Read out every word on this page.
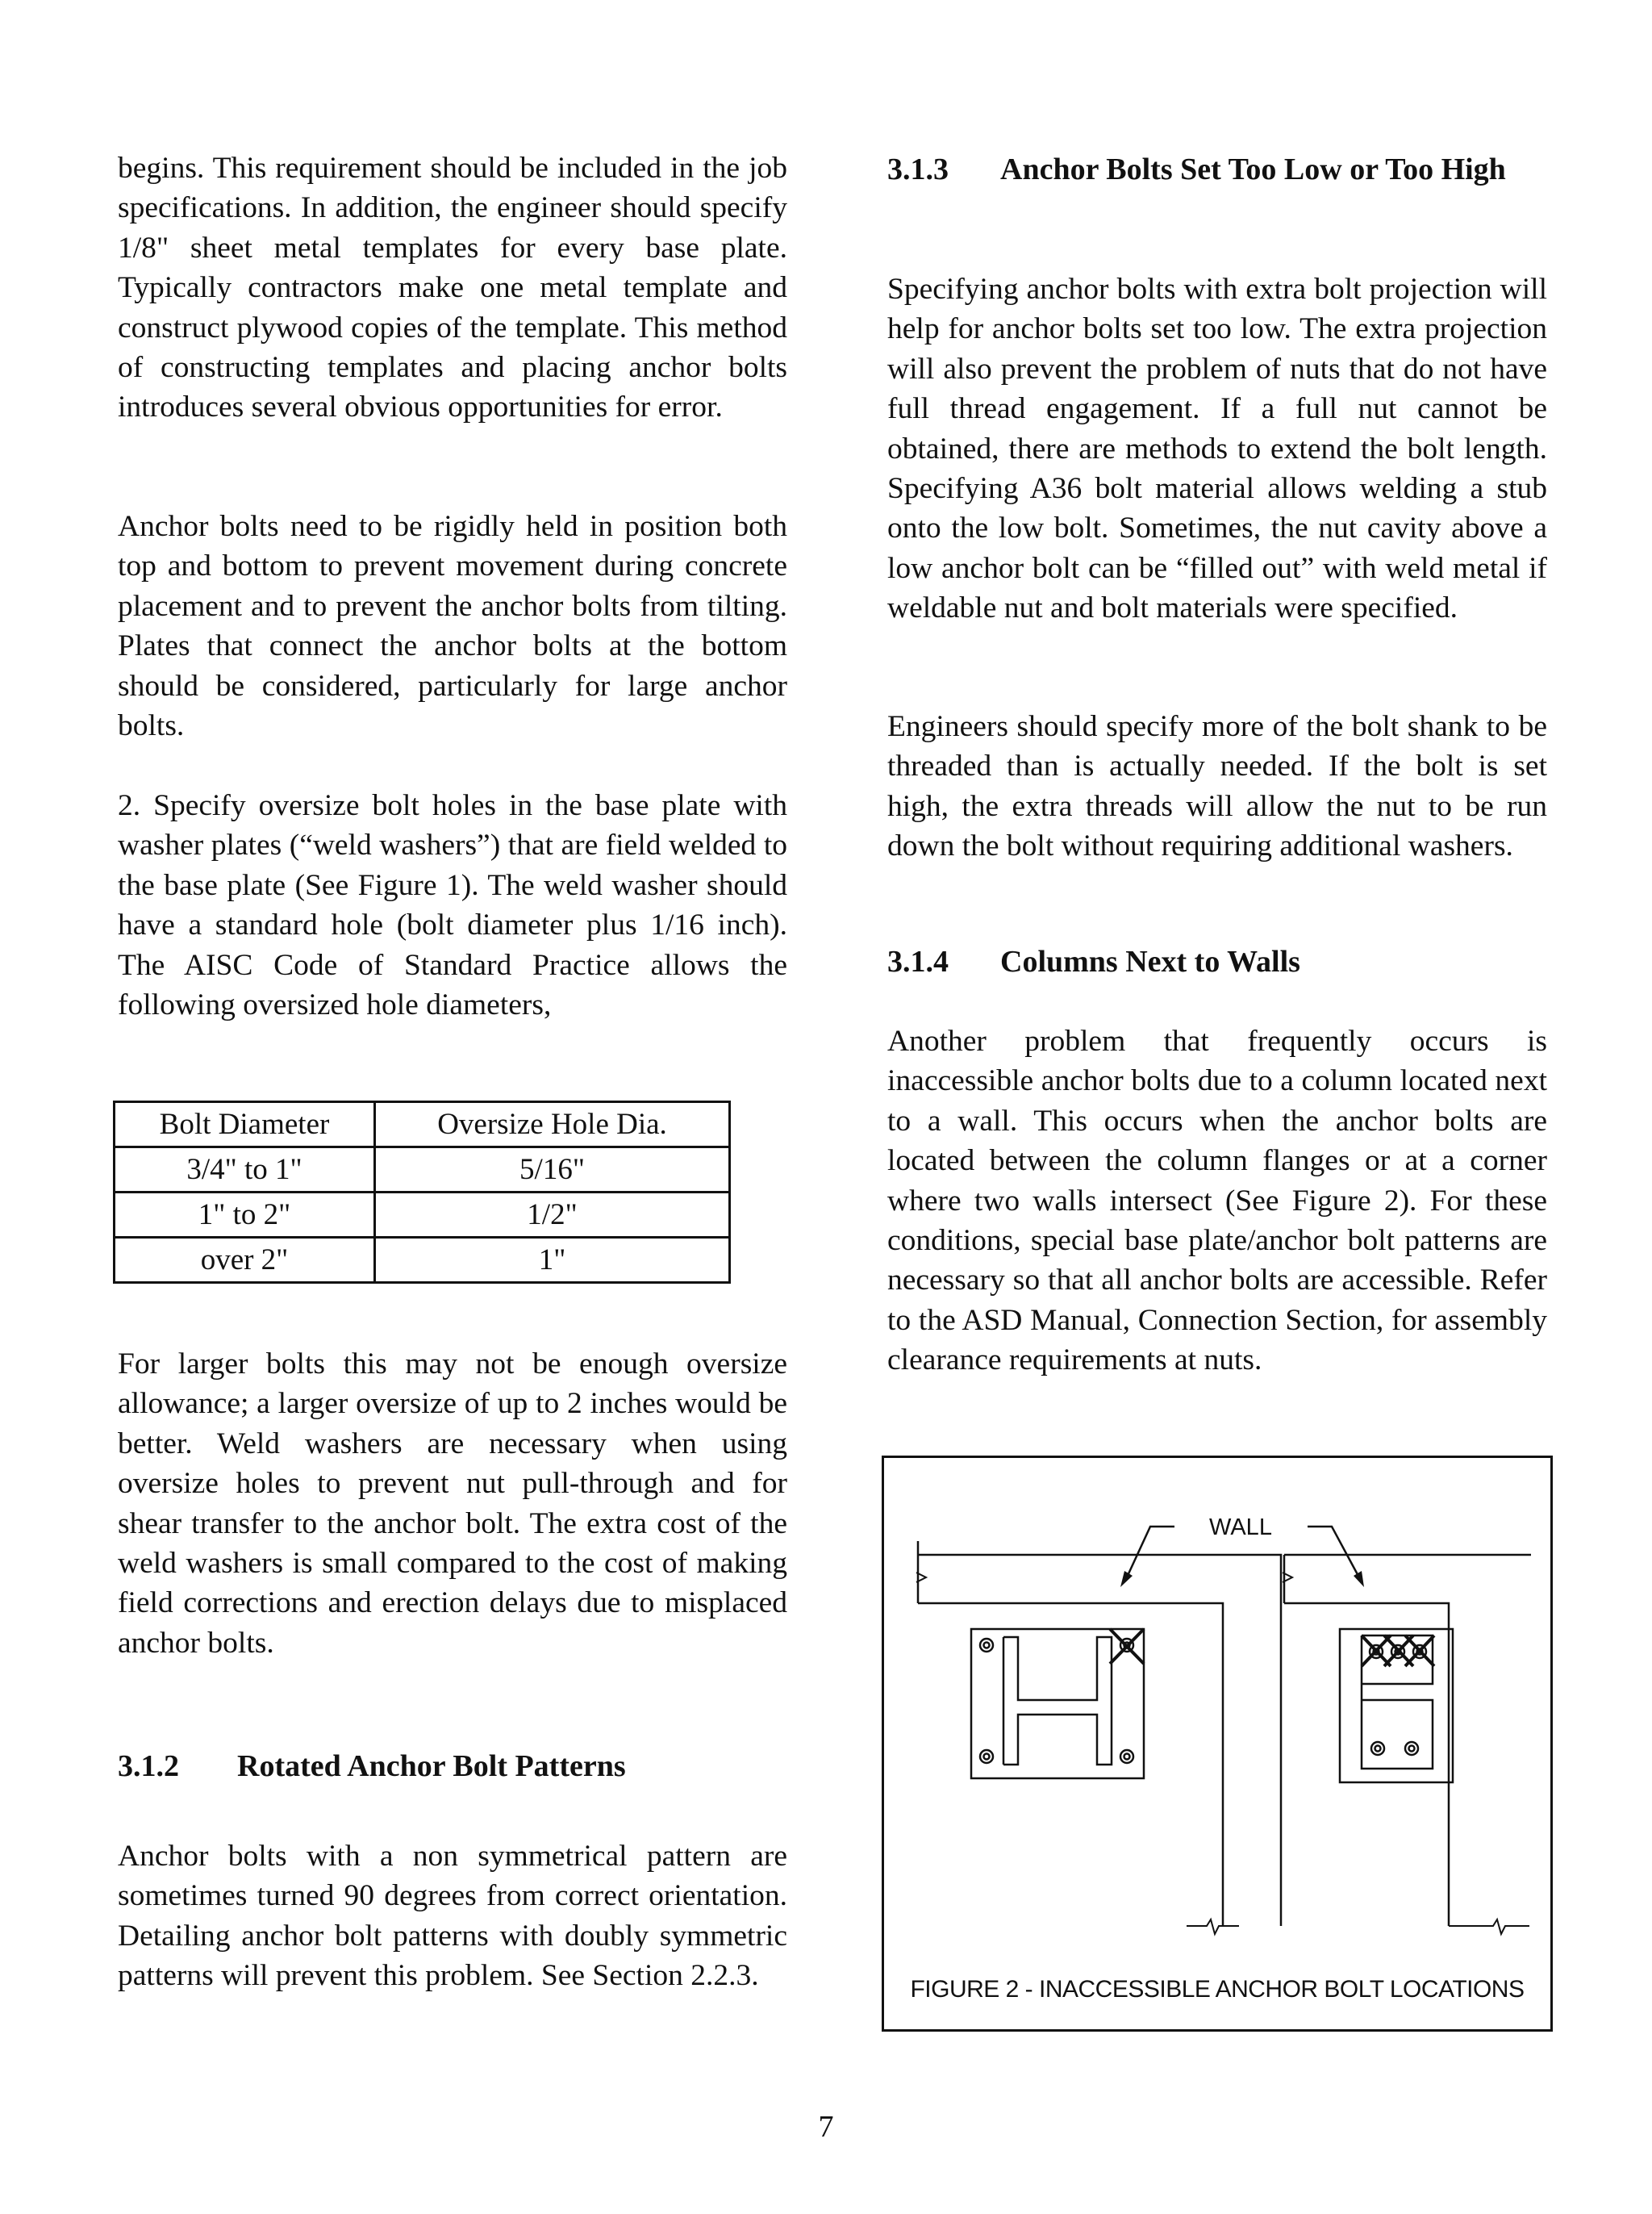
begins. This requirement should be included in the job specifications. In addition, the engineer should specify 1/8" sheet metal templates for every base plate. Typically contractors make one metal template and construct plywood copies of the template. This method of constructing templates and placing anchor bolts introduces several obvious opportunities for error.

Anchor bolts need to be rigidly held in position both top and bottom to prevent movement during concrete placement and to prevent the anchor bolts from tilting. Plates that connect the anchor bolts at the bottom should be considered, particularly for large anchor bolts.

2. Specify oversize bolt holes in the base plate with washer plates (“weld washers”) that are field welded to the base plate (See Figure 1). The weld washer should have a standard hole (bolt diameter plus 1/16 inch). The AISC Code of Standard Practice allows the following oversized hole diameters,

For larger bolts this may not be enough oversize allowance; a larger oversize of up to 2 inches would be better. Weld washers are necessary when using oversize holes to prevent nut pull-through and for shear transfer to the anchor bolt. The extra cost of the weld washers is small compared to the cost of making field corrections and erection delays due to misplaced anchor bolts.

3.1.2 Rotated Anchor Bolt Patterns

Anchor bolts with a non symmetrical pattern are sometimes turned 90 degrees from correct orientation. Detailing anchor bolt patterns with doubly symmetric patterns will prevent this problem. See Section 2.2.3.

Bolt Diameter	Oversize Hole Dia.
3/4" to 1"	5/16"
1" to 2"	1/2"
over 2"	1"
3.1.3 Anchor Bolts Set Too Low or Too High

Specifying anchor bolts with extra bolt projection will help for anchor bolts set too low. The extra projection will also prevent the problem of nuts that do not have full thread engagement. If a full nut cannot be obtained, there are methods to extend the bolt length. Specifying A36 bolt material allows welding a stub onto the low bolt. Sometimes, the nut cavity above a low anchor bolt can be “filled out” with weld metal if weldable nut and bolt materials were specified.

Engineers should specify more of the bolt shank to be threaded than is actually needed. If the bolt is set high, the extra threads will allow the nut to be run down the bolt without requiring additional washers.

3.1.4 Columns Next to Walls

Another problem that frequently occurs is inaccessible anchor bolts due to a column located next to a wall. This occurs when the anchor bolts are located between the column flanges or at a corner where two walls intersect (See Figure 2). For these conditions, special base plate/anchor bolt patterns are necessary so that all anchor bolts are accessible. Refer to the ASD Manual, Connection Section, for assembly clearance requirements at nuts.

WALL
FIGURE 2 - INACCESSIBLE ANCHOR BOLT LOCATIONS
7
